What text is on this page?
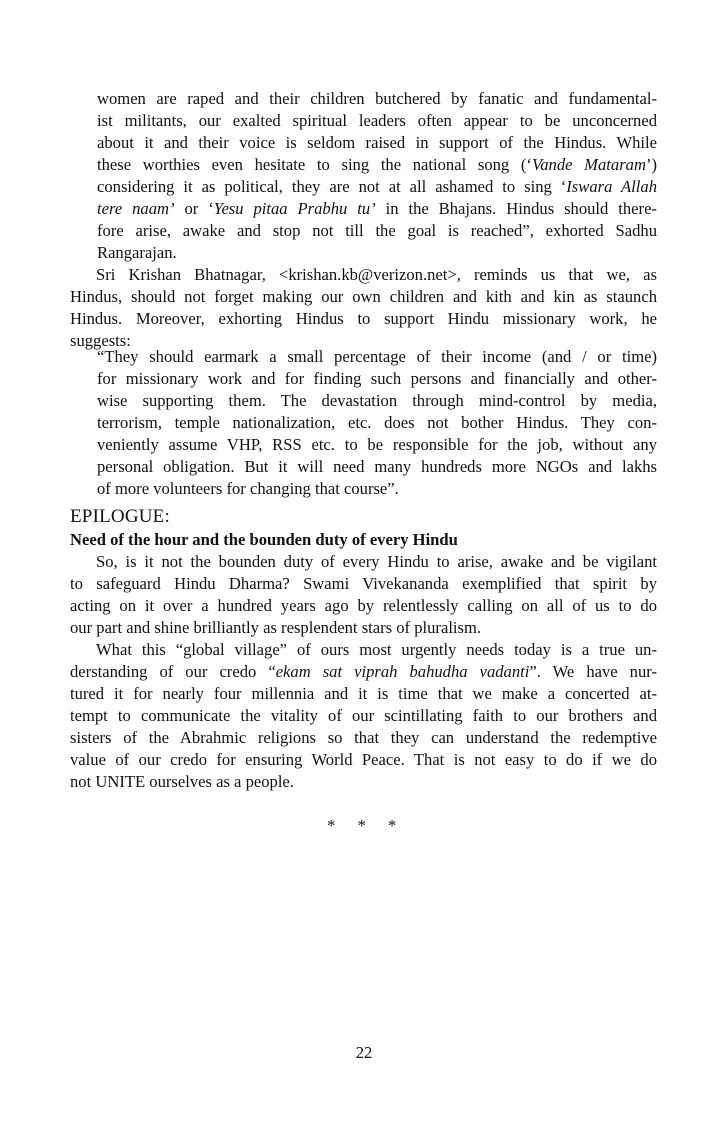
women are raped and their children butchered by fanatic and fundamental-
ist militants, our exalted spiritual leaders often appear to be unconcerned
about it and their voice is seldom raised in support of the Hindus. While
these worthies even hesitate to sing the national song (‘Vande Mataram’)
considering it as political, they are not at all ashamed to sing ‘Iswara Allah
tere naam’ or ‘Yesu pitaa Prabhu tu’ in the Bhajans. Hindus should there-
fore arise, awake and stop not till the goal is reached”, exhorted Sadhu
Rangarajan.
Sri Krishan Bhatnagar, <krishan.kb@verizon.net>, reminds us that we, as
Hindus, should not forget making our own children and kith and kin as staunch
Hindus. Moreover, exhorting Hindus to support Hindu missionary work, he
suggests:
“They should earmark a small percentage of their income (and / or time)
for missionary work and for finding such persons and financially and other-
wise supporting them. The devastation through mind-control by media,
terrorism, temple nationalization, etc. does not bother Hindus. They con-
veniently assume VHP, RSS etc. to be responsible for the job, without any
personal obligation. But it will need many hundreds more NGOs and lakhs
of more volunteers for changing that course”.
EPILOGUE:
Need of the hour and the bounden duty of every Hindu
So, is it not the bounden duty of every Hindu to arise, awake and be vigilant
to safeguard Hindu Dharma? Swami Vivekananda exemplified that spirit by
acting on it over a hundred years ago by relentlessly calling on all of us to do
our part and shine brilliantly as resplendent stars of pluralism.
What this “global village” of ours most urgently needs today is a true un-
derstanding of our credo “ekam sat viprah bahudha vadanti”. We have nur-
tured it for nearly four millennia and it is time that we make a concerted at-
tempt to communicate the vitality of our scintillating faith to our brothers and
sisters of the Abrahmic religions so that they can understand the redemptive
value of our credo for ensuring World Peace. That is not easy to do if we do
not UNITE ourselves as a people.
* * *
22
